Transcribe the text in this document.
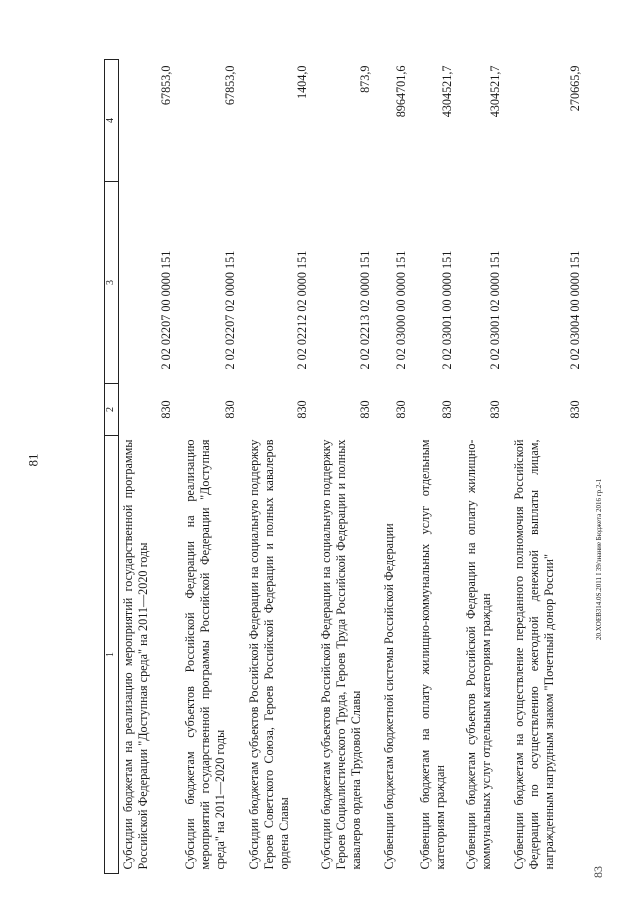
81
20.XOEB314.0S.2011 I 39/знание Бюджета 2016 гр.2-1
83
1	2	3	4
Субсидии бюджетам на реализацию мероприятий государственной программы Российской Федерации "Доступная среда" на 2011—2020 годы	830	2 02 02207 00 0000 151	67853,0
Субсидии бюджетам субъектов Российской Федерации на реализацию мероприятий государственной программы Российской Федерации "Доступная среда" на 2011—2020 годы	830	2 02 02207 02 0000 151	67853,0
Субсидии бюджетам субъектов Российской Федерации на социальную поддержку Героев Советского Союза, Героев Российской Федерации и полных кавалеров ордена Славы	830	2 02 02212 02 0000 151	1404,0
Субсидии бюджетам субъектов Российской Федерации на социальную поддержку Героев Социалистического Труда, Героев Труда Российской Федерации и полных кавалеров ордена Трудовой Славы	830	2 02 02213 02 0000 151	873,9
Субвенции бюджетам бюджетной системы Российской Федерации	830	2 02 03000 00 0000 151	8964701,6
Субвенции бюджетам на оплату жилищно-коммунальных услуг отдельным категориям граждан	830	2 02 03001 00 0000 151	4304521,7
Субвенции бюджетам субъектов Российской Федерации на оплату жилищно-коммунальных услуг отдельным категориям граждан	830	2 02 03001 02 0000 151	4304521,7
Субвенции бюджетам на осуществление переданного полномочия Российской Федерации по осуществлению ежегодной денежной выплаты лицам, награжденным нагрудным знаком "Почетный донор России"	830	2 02 03004 00 0000 151	270665,9
